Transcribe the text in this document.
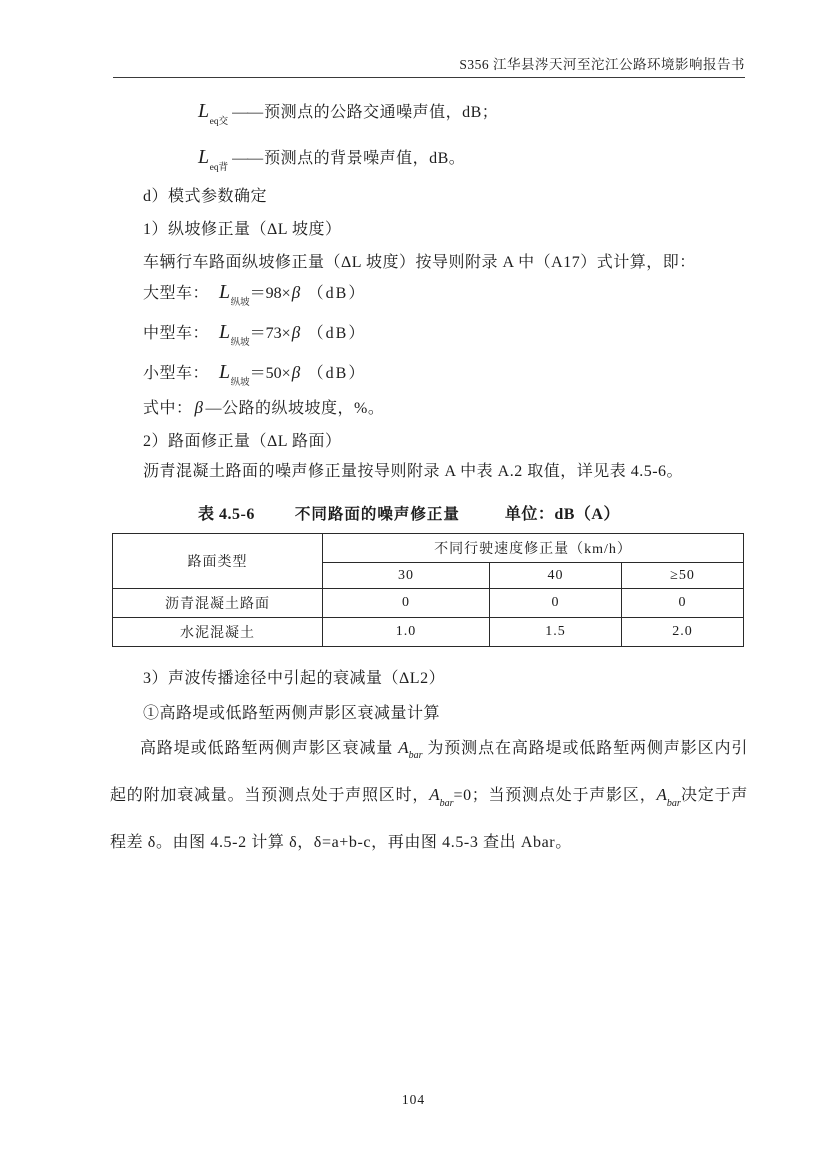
S356 江华县涔天河至沱江公路环境影响报告书
$L_{eq交}——$ 预测点的公路交通噪声值，dB；
$L_{eq背}——$ 预测点的背景噪声值，dB。
d）模式参数确定
1）纵坡修正量（ΔL 坡度）
车辆行车路面纵坡修正量（ΔL 坡度）按导则附录 A 中（A17）式计算，即：
大型车： $L_{纵坡}=98\times\beta$ （dB）
中型车： $L_{纵坡}=73\times\beta$ （dB）
小型车： $L_{纵坡}=50\times\beta$ （dB）
式中： β —公路的纵坡坡度，%。
2）路面修正量（ΔL 路面）
沥青混凝土路面的噪声修正量按导则附录 A 中表 A.2 取值，详见表 4.5-6。
表 4.5-6	不同路面的噪声修正量	单位：dB（A）
路面类型	不同行驶速度修正量（km/h）		
	30	40	≥50
沥青混凝土路面	0	0	0
水泥混凝土	1.0	1.5	2.0
3）声波传播途径中引起的衰减量（ΔL2）
①高路堤或低路堑两侧声影区衰减量计算

高路堤或低路堑两侧声影区衰减量 $A_{bar}$ 为预测点在高路堤或低路堑两侧声影区内引起的附加衰减量。当预测点处于声照区时，$A_{bar}=0$；当预测点处于声影区，$A_{bar}$决定于声程差 δ。由图 4.5-2 计算 δ，δ=a+b-c，再由图 4.5-3 查出 Abar。

104
